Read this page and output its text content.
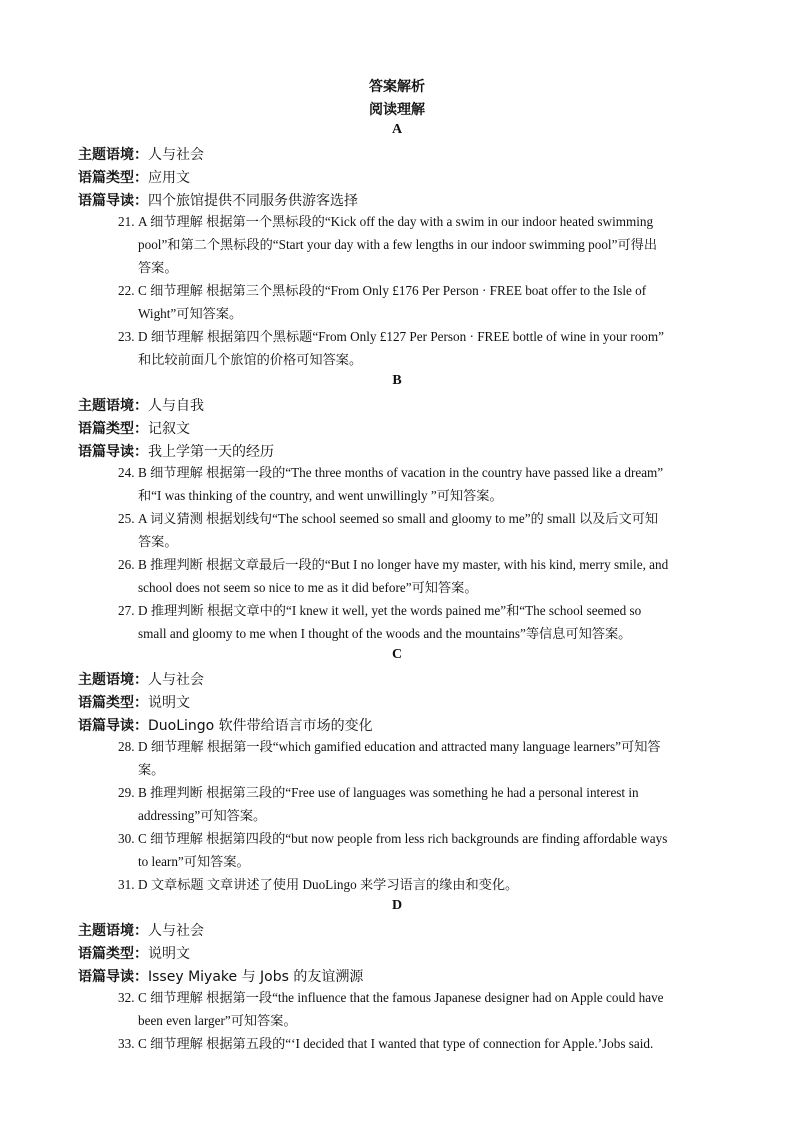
答案解析
阅读理解
A
主题语境：人与社会
语篇类型：应用文
语篇导读：四个旅馆提供不同服务供游客选择
21. A 细节理解 根据第一个黑标段的“Kick off the day with a swim in our indoor heated swimming
pool”和第二个黑标段的“Start your day with a few lengths in our indoor swimming pool”可得出
答案。
22. C 细节理解 根据第三个黑标段的“From Only £176 Per Person · FREE boat offer to the Isle of
Wight”可知答案。
23. D 细节理解 根据第四个黑标题“From Only £127 Per Person · FREE bottle of wine in your room”
和比较前面几个旅馆的价格可知答案。
B
主题语境：人与自我
语篇类型：记叙文
语篇导读：我上学第一天的经历
24. B 细节理解 根据第一段的“The three months of vacation in the country have passed like a dream”
和“I was thinking of the country, and went unwillingly ”可知答案。
25. A 词义猜测 根据划线句“The school seemed so small and gloomy to me”的 small 以及后文可知
答案。
26. B 推理判断 根据文章最后一段的“But I no longer have my master, with his kind, merry smile, and
school does not seem so nice to me as it did before”可知答案。
27. D 推理判断 根据文章中的“I knew it well, yet the words pained me”和“The school seemed so
small and gloomy to me when I thought of the woods and the mountains”等信息可知答案。
C
主题语境：人与社会
语篇类型：说明文
语篇导读：DuoLingo 软件带给语言市场的变化
28. D 细节理解 根据第一段“which gamified education and attracted many language learners”可知答
案。
29. B 推理判断 根据第三段的“Free use of languages was something he had a personal interest in
addressing”可知答案。
30. C 细节理解 根据第四段的“but now people from less rich backgrounds are finding affordable ways
to learn”可知答案。
31. D 文章标题 文章讲述了使用 DuoLingo 来学习语言的缘由和变化。
D
主题语境：人与社会
语篇类型：说明文
语篇导读：Issey Miyake 与 Jobs 的友谊溯源
32. C 细节理解 根据第一段“the influence that the famous Japanese designer had on Apple could have
been even larger”可知答案。
33. C 细节理解 根据第五段的“‘I decided that I wanted that type of connection for Apple.’Jobs said.
